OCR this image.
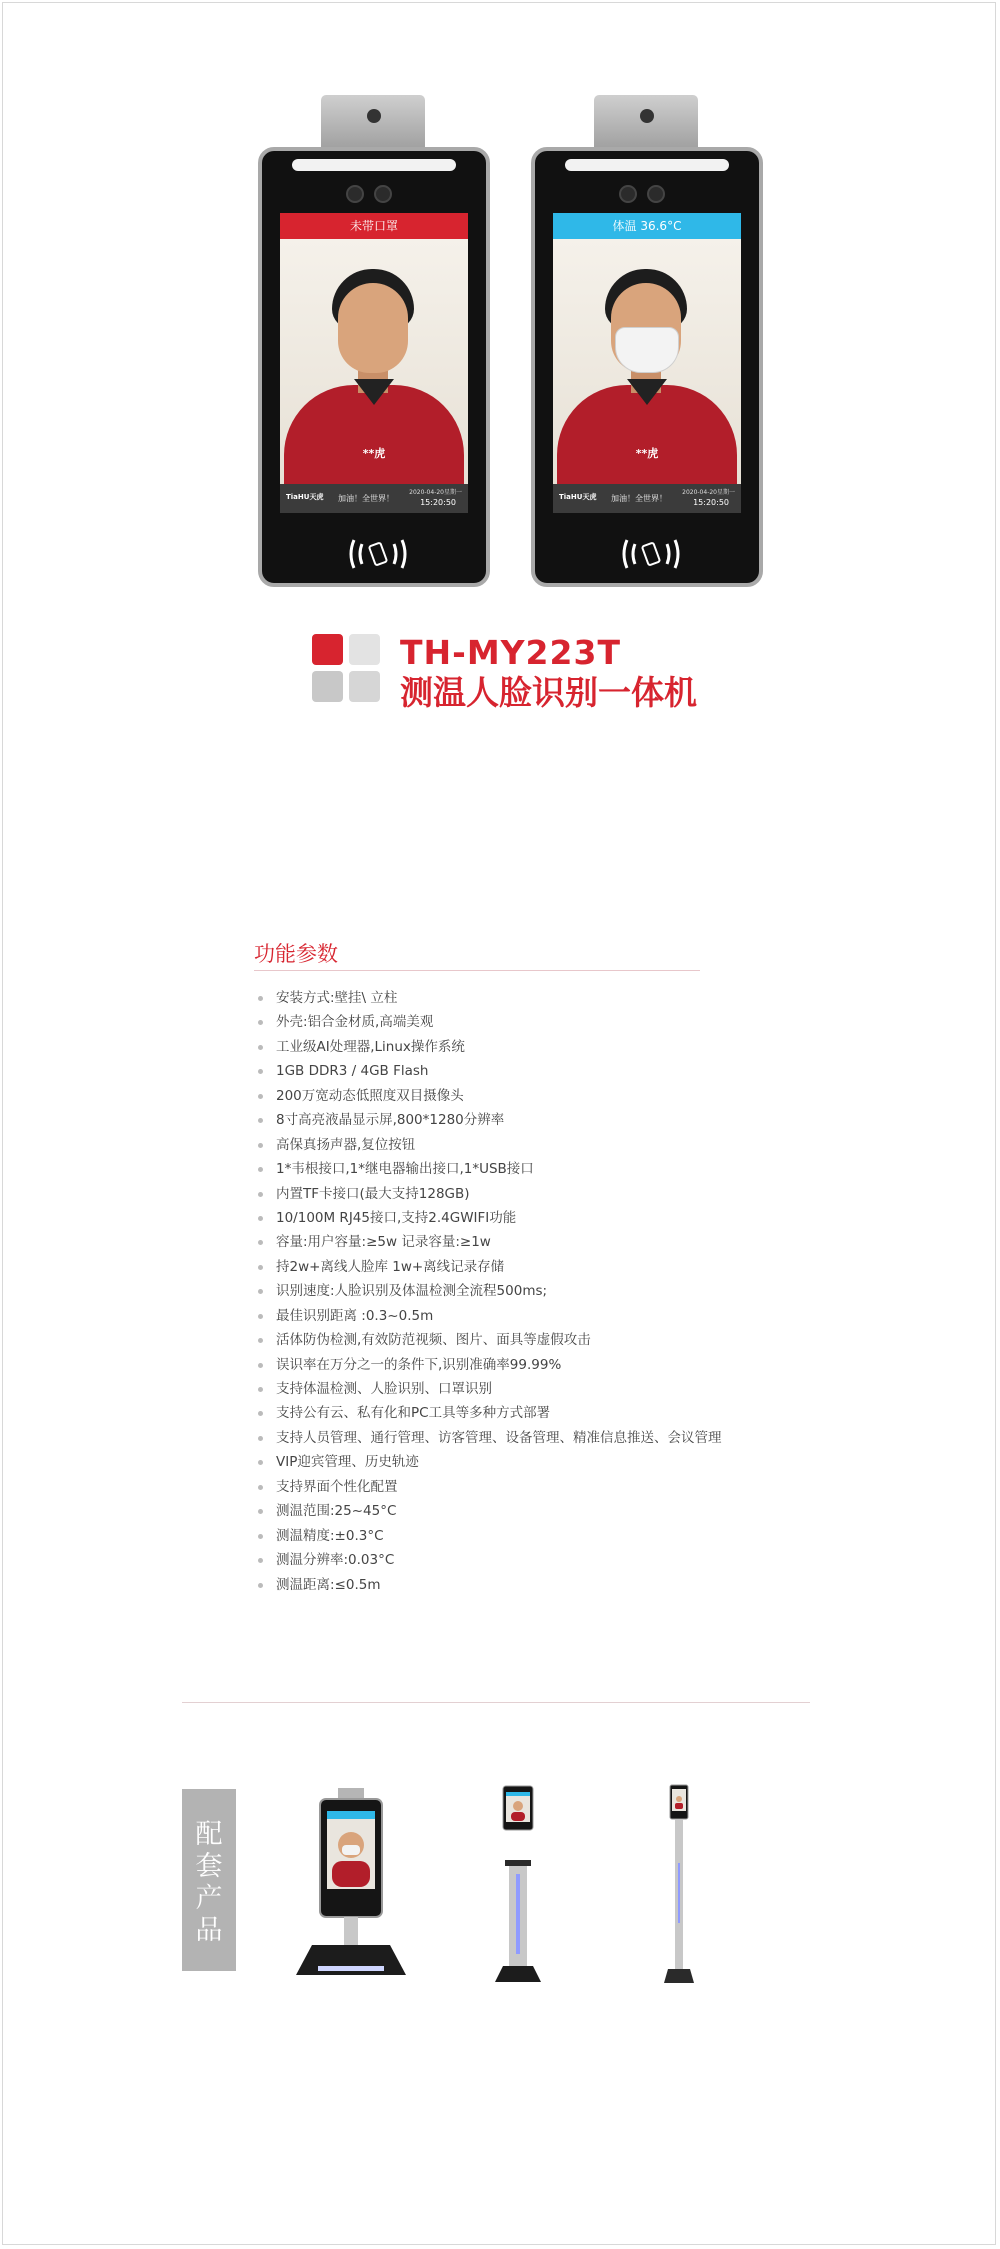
未带口罩
**虎
TiaHU天虎 加油！全世界！
2020-04-20星期一
15:20:50
体温 36.6°C
**虎
TiaHU天虎 加油！全世界！
2020-04-20星期一
15:20:50
TH-MY223T
测温人脸识别一体机
功能参数
安装方式:壁挂\ 立柱
外壳:铝合金材质,高端美观
工业级AI处理器,Linux操作系统
1GB DDR3 / 4GB Flash
200万宽动态低照度双目摄像头
8寸高亮液晶显示屏,800*1280分辨率
高保真扬声器,复位按钮
1*韦根接口,1*继电器输出接口,1*USB接口
内置TF卡接口(最大支持128GB)
10/100M RJ45接口,支持2.4GWIFI功能
容量:用户容量:≥5w 记录容量:≥1w
持2w+离线人脸库 1w+离线记录存储
识别速度:人脸识别及体温检测全流程500ms;
最佳识别距离 :0.3~0.5m
活体防伪检测,有效防范视频、图片、面具等虚假攻击
误识率在万分之一的条件下,识别准确率99.99%
支持体温检测、人脸识别、口罩识别
支持公有云、私有化和PC工具等多种方式部署
支持人员管理、通行管理、访客管理、设备管理、精准信息推送、会议管理
VIP迎宾管理、历史轨迹
支持界面个性化配置
测温范围:25~45°C
测温精度:±0.3°C
测温分辨率:0.03°C
测温距离:≤0.5m
配
套
产
品
